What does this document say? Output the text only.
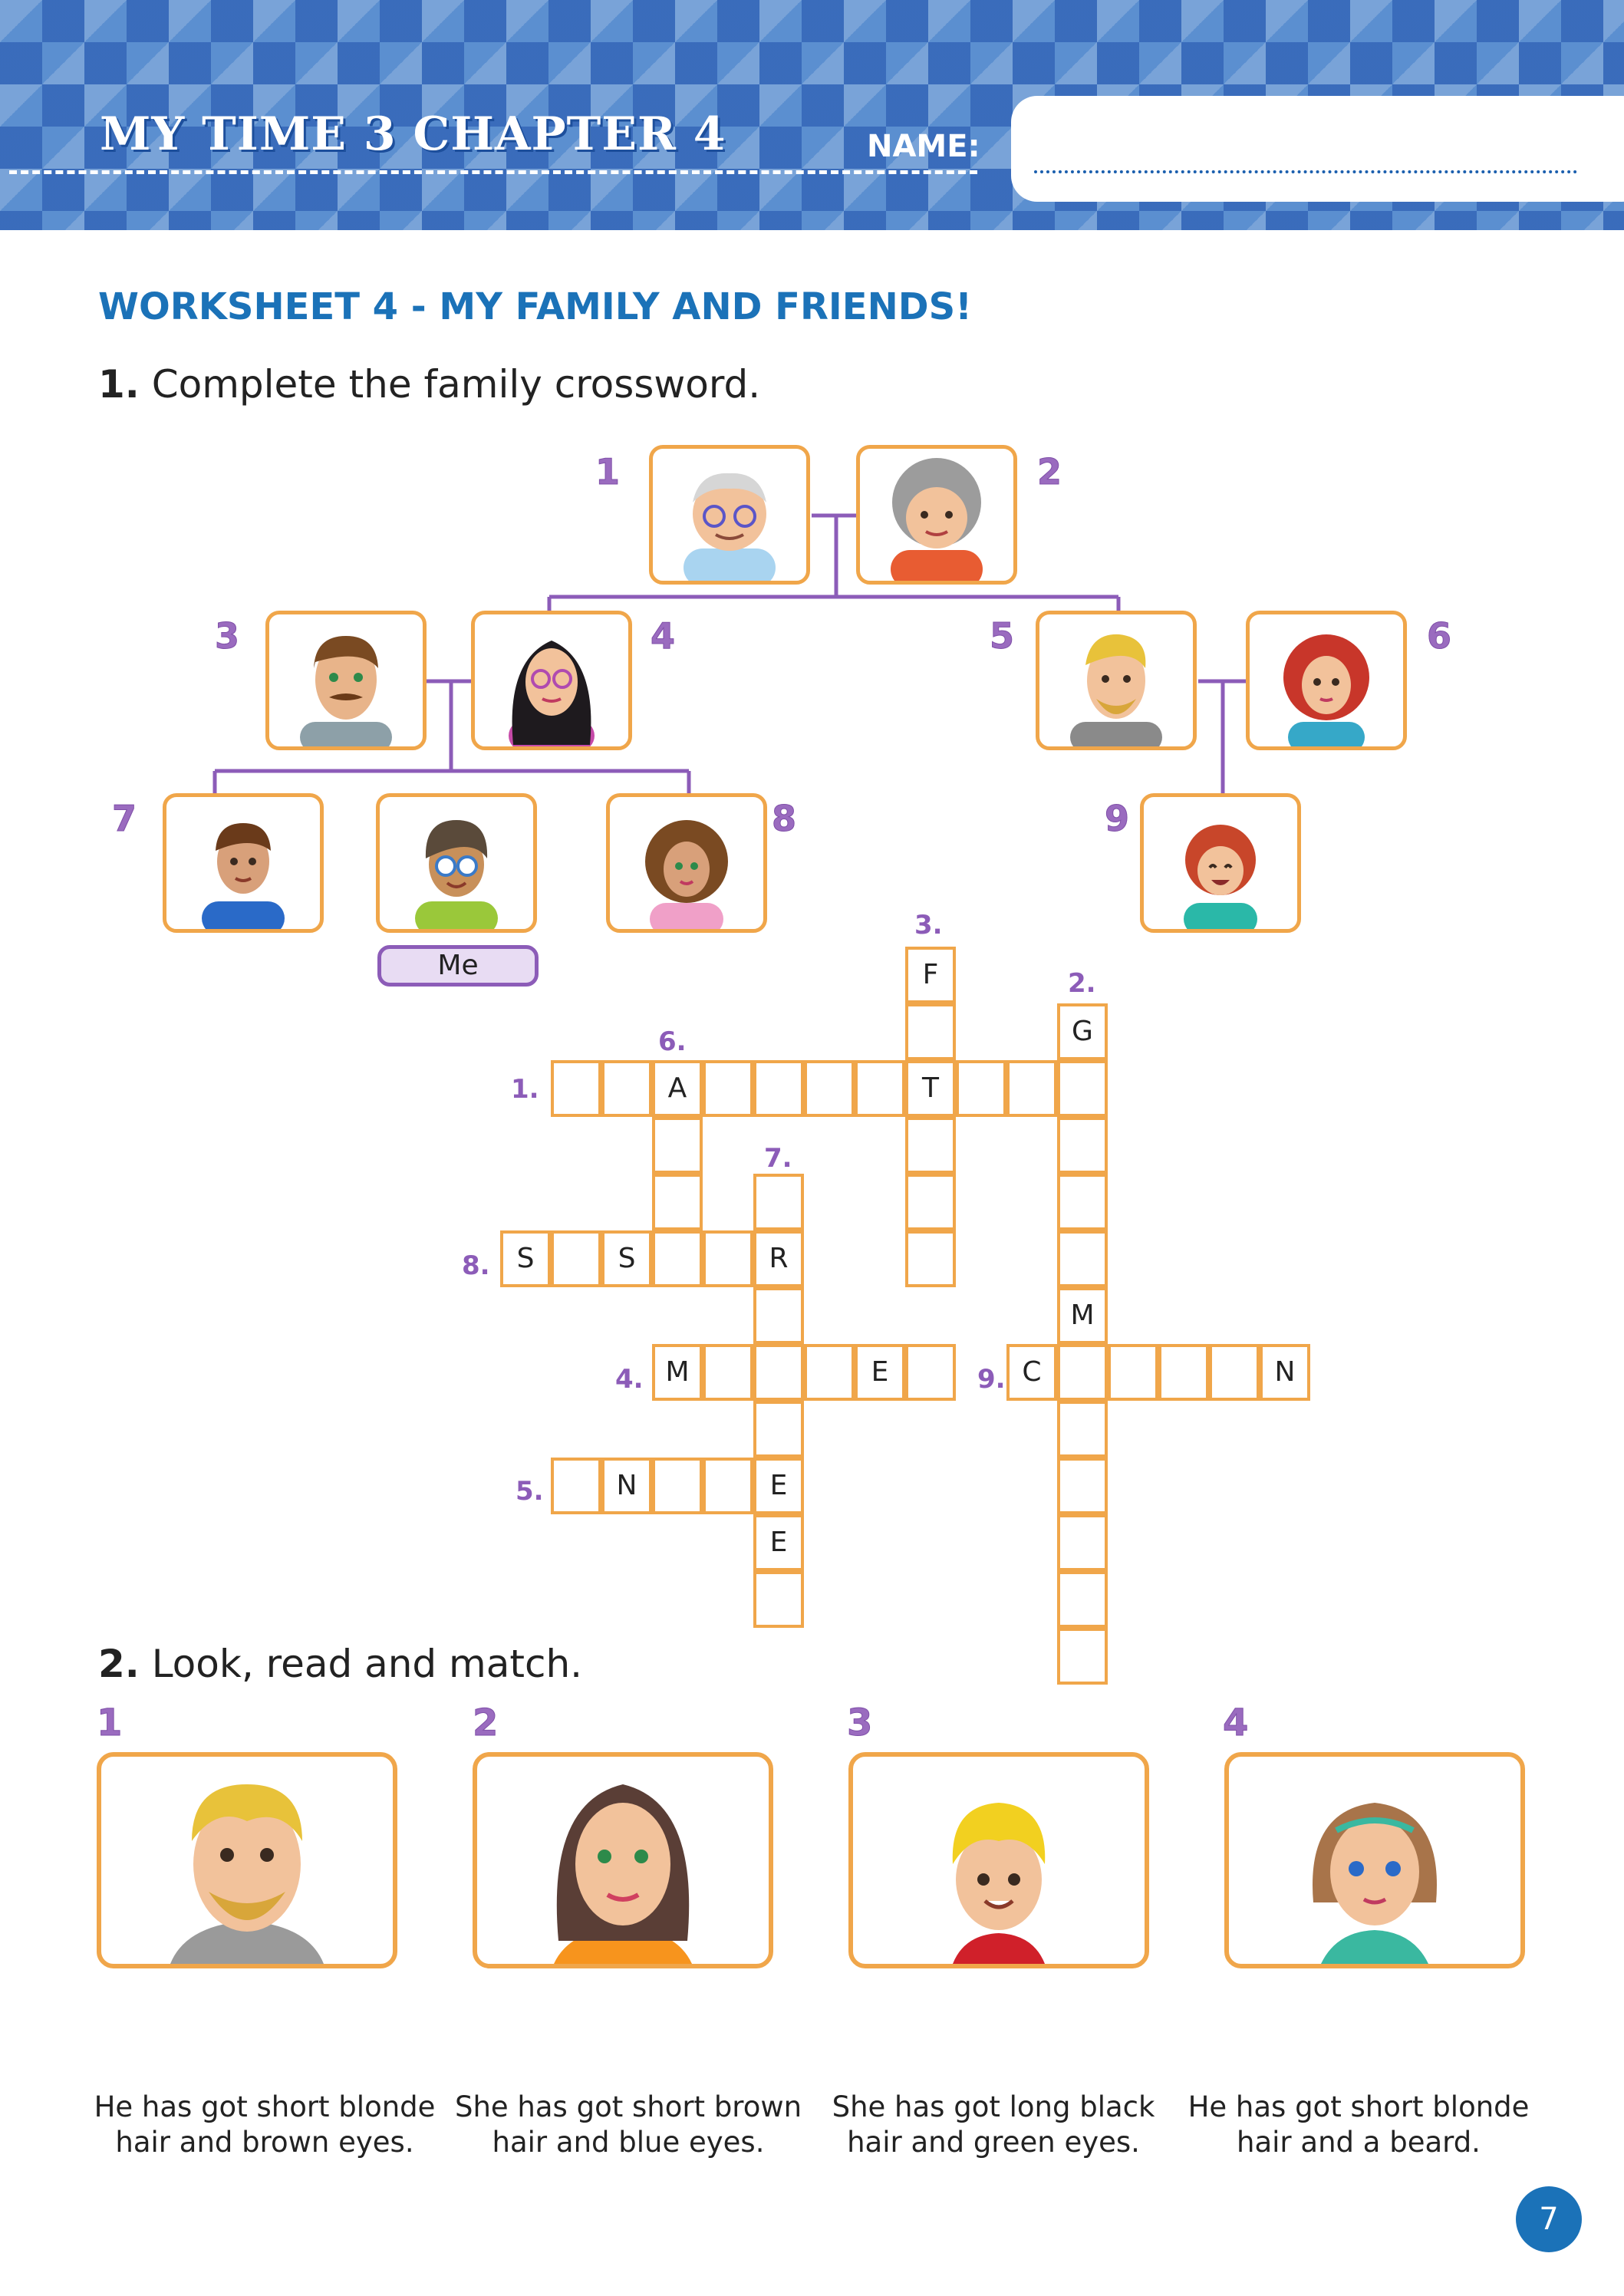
MY TIME 3 CHAPTER 4	NAME:
WORKSHEET 4 - MY FAMILY AND FRIENDS!
1. Complete the family crossword.
1	2
3	4	5	6
7	8	9
Me
A	T
F
G
M
S	S	R
E
E
M	E	C	N
N
1.
2.
3.
4.
5.
6.
7.
8.
9.
2. Look, read and match.
1	2	3	4
He has got short blonde hair and brown eyes.
She has got short brown hair and blue eyes.
She has got long black hair and green eyes.
He has got short blonde hair and a beard.
7
